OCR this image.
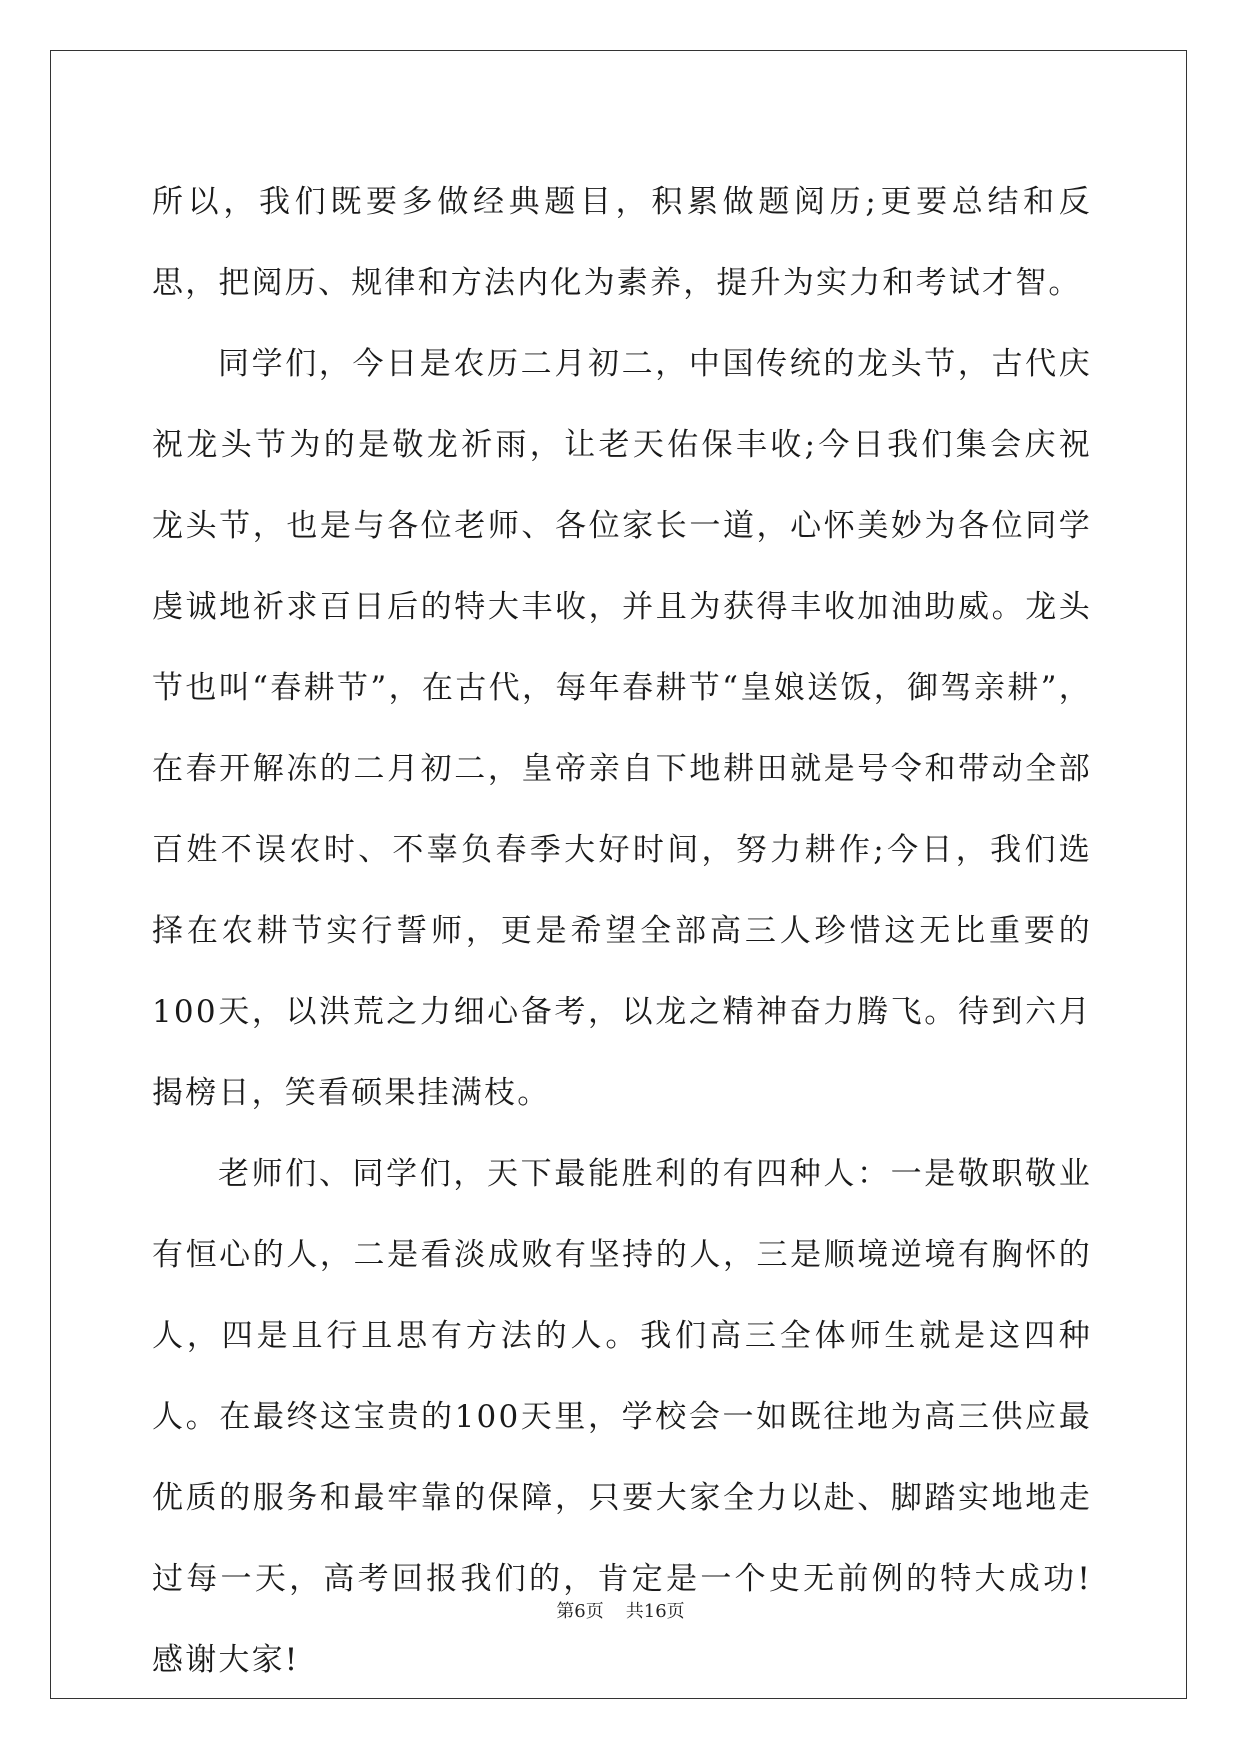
所以，我们既要多做经典题目，积累做题阅历;更要总结和反思，把阅历、规律和方法内化为素养，提升为实力和考试才智。

同学们，今日是农历二月初二，中国传统的龙头节，古代庆祝龙头节为的是敬龙祈雨，让老天佑保丰收;今日我们集会庆祝龙头节，也是与各位老师、各位家长一道，心怀美妙为各位同学虔诚地祈求百日后的特大丰收，并且为获得丰收加油助威。龙头节也叫“春耕节”，在古代，每年春耕节“皇娘送饭，御驾亲耕”，在春开解冻的二月初二，皇帝亲自下地耕田就是号令和带动全部百姓不误农时、不辜负春季大好时间，努力耕作;今日，我们选择在农耕节实行誓师，更是希望全部高三人珍惜这无比重要的100天，以洪荒之力细心备考，以龙之精神奋力腾飞。待到六月揭榜日，笑看硕果挂满枝。

老师们、同学们，天下最能胜利的有四种人：一是敬职敬业有恒心的人，二是看淡成败有坚持的人，三是顺境逆境有胸怀的人，四是且行且思有方法的人。我们高三全体师生就是这四种人。在最终这宝贵的100天里，学校会一如既往地为高三供应最优质的服务和最牢靠的保障，只要大家全力以赴、脚踏实地地走过每一天，高考回报我们的，肯定是一个史无前例的特大成功!感谢大家!

第6页 共16页
